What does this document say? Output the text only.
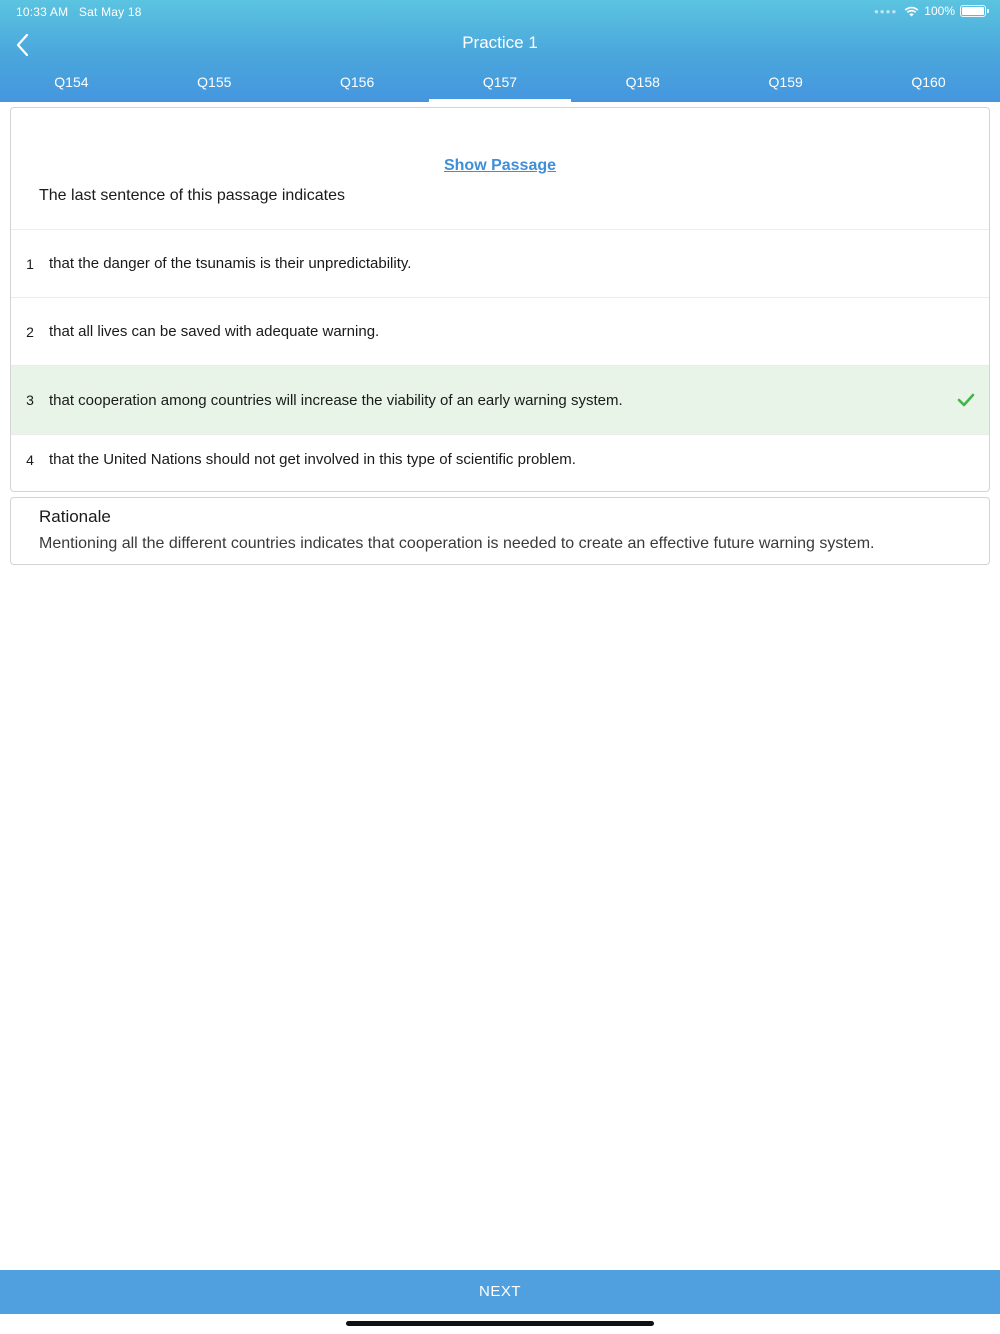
10:33 AM Sat May 18	●●●● 100%
Practice 1
Q154	Q155	Q156	Q157	Q158	Q159	Q160
Show Passage
The last sentence of this passage indicates
1	that the danger of the tsunamis is their unpredictability.
2	that all lives can be saved with adequate warning.
3	that cooperation among countries will increase the viability of an early warning system.
4	that the United Nations should not get involved in this type of scientific problem.
Rationale
Mentioning all the different countries indicates that cooperation is needed to create an effective future warning system.
NEXT
